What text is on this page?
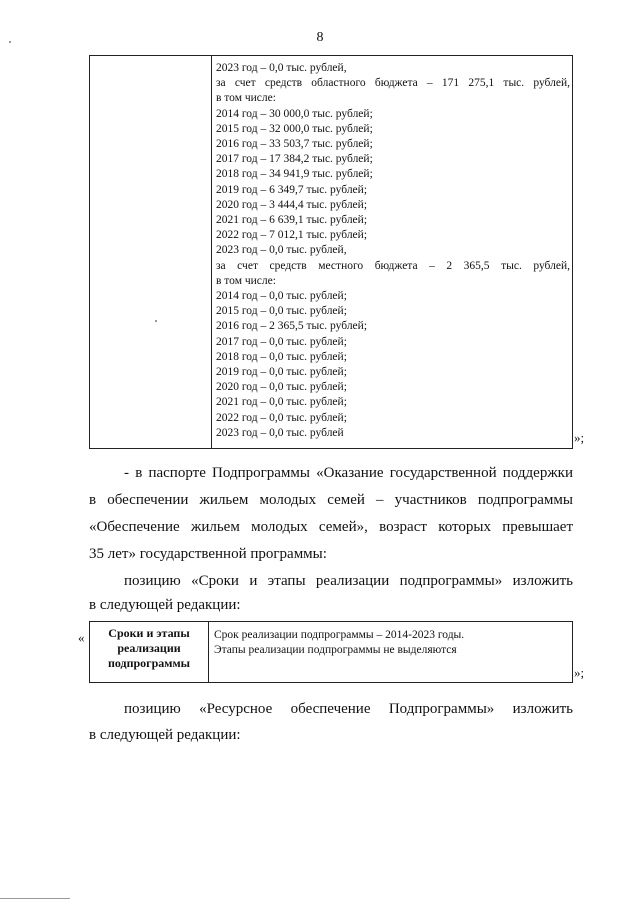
8
2023 год – 0,0 тыс. рублей,
за счет средств областного бюджета – 171 275,1 тыс. рублей,
в том числе:
2014 год – 30 000,0 тыс. рублей;
2015 год – 32 000,0 тыс. рублей;
2016 год – 33 503,7 тыс. рублей;
2017 год – 17 384,2 тыс. рублей;
2018 год – 34 941,9 тыс. рублей;
2019 год – 6 349,7 тыс. рублей;
2020 год – 3 444,4 тыс. рублей;
2021 год – 6 639,1 тыс. рублей;
2022 год – 7 012,1 тыс. рублей;
2023 год – 0,0 тыс. рублей,
за счет средств местного бюджета – 2 365,5 тыс. рублей,
в том числе:
2014 год – 0,0 тыс. рублей;
2015 год – 0,0 тыс. рублей;
2016 год – 2 365,5 тыс. рублей;
2017 год – 0,0 тыс. рублей;
2018 год – 0,0 тыс. рублей;
2019 год – 0,0 тыс. рублей;
2020 год – 0,0 тыс. рублей;
2021 год – 0,0 тыс. рублей;
2022 год – 0,0 тыс. рублей;
2023 год – 0,0 тыс. рублей	»;
- в паспорте Подпрограммы «Оказание государственной поддержки
в обеспечении жильем молодых семей – участников подпрограммы
«Обеспечение жильем молодых семей», возраст которых превышает
35 лет» государственной программы:
позицию «Сроки и этапы реализации подпрограммы» изложить
в следующей редакции:
«	Сроки и этапы
реализации
подпрограммы
Срок реализации подпрограммы – 2014-2023 годы.
Этапы реализации подпрограммы не выделяются
»;
позицию «Ресурсное обеспечение Подпрограммы» изложить
в следующей редакции:
